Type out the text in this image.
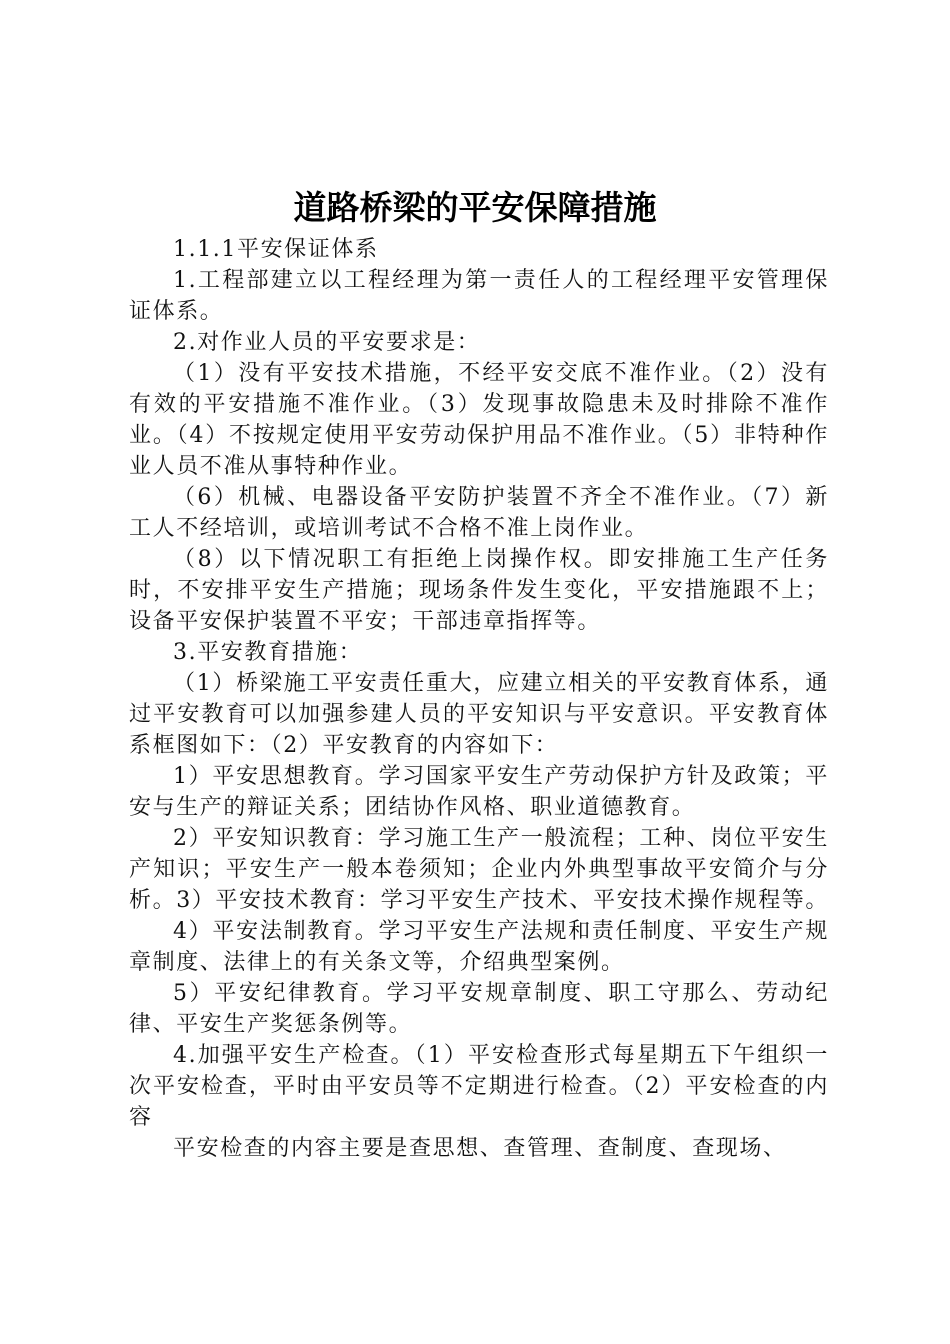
道路桥梁的平安保障措施

1.1.1平安保证体系

1.工程部建立以工程经理为第一责任人的工程经理平安管理保证体系。

2.对作业人员的平安要求是：

（1）没有平安技术措施，不经平安交底不准作业。（2）没有有效的平安措施不准作业。（3）发现事故隐患未及时排除不准作业。（4）不按规定使用平安劳动保护用品不准作业。（5）非特种作业人员不准从事特种作业。

（6）机械、电器设备平安防护装置不齐全不准作业。（7）新工人不经培训，或培训考试不合格不准上岗作业。

（8）以下情况职工有拒绝上岗操作权。即安排施工生产任务时，不安排平安生产措施；现场条件发生变化，平安措施跟不上；设备平安保护装置不平安；干部违章指挥等。

3.平安教育措施：

（1）桥梁施工平安责任重大，应建立相关的平安教育体系，通过平安教育可以加强参建人员的平安知识与平安意识。平安教育体系框图如下：（2）平安教育的内容如下：

1）平安思想教育。学习国家平安生产劳动保护方针及政策；平安与生产的辩证关系；团结协作风格、职业道德教育。

2）平安知识教育：学习施工生产一般流程；工种、岗位平安生产知识；平安生产一般本卷须知；企业内外典型事故平安简介与分析。3）平安技术教育：学习平安生产技术、平安技术操作规程等。

4）平安法制教育。学习平安生产法规和责任制度、平安生产规章制度、法律上的有关条文等，介绍典型案例。

5）平安纪律教育。学习平安规章制度、职工守那么、劳动纪律、平安生产奖惩条例等。

4.加强平安生产检查。（1）平安检查形式每星期五下午组织一次平安检查，平时由平安员等不定期进行检查。（2）平安检查的内容

平安检查的内容主要是查思想、查管理、查制度、查现场、
